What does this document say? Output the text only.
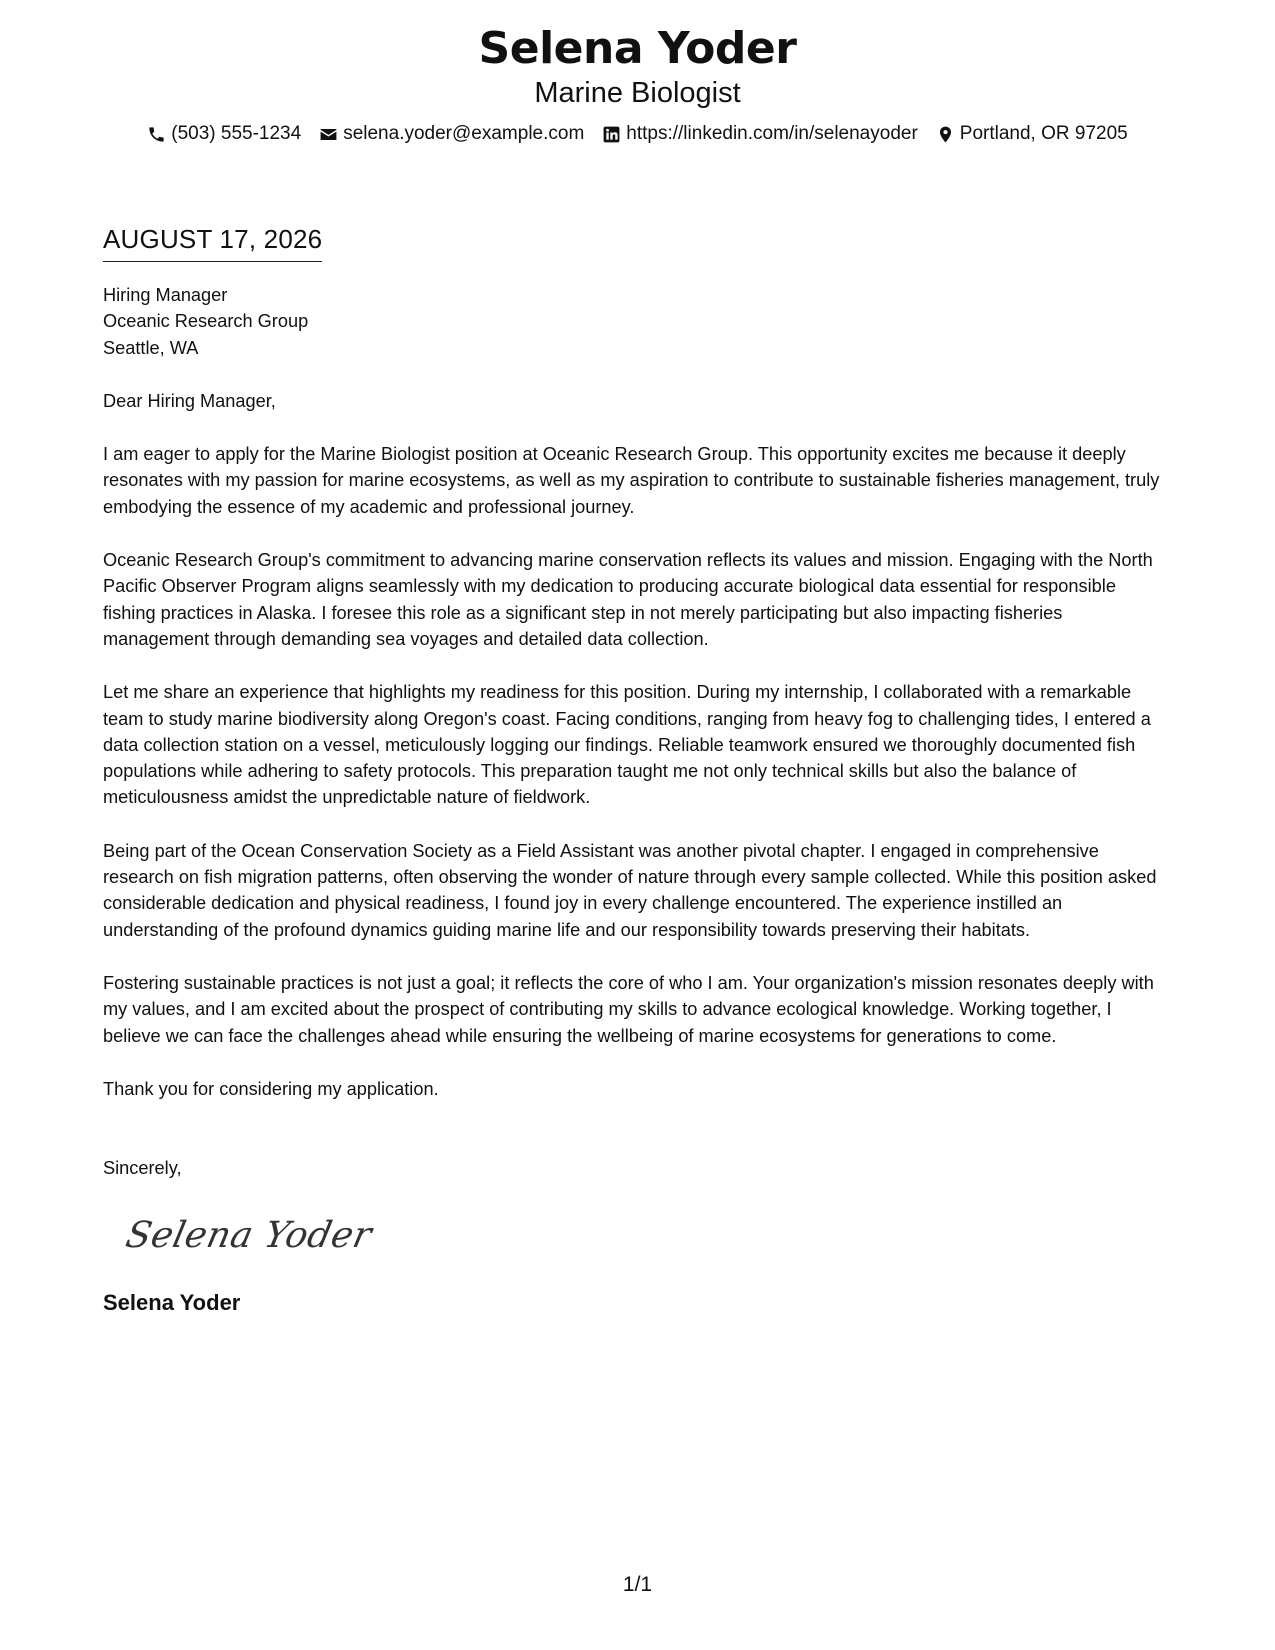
Selena Yoder
Marine Biologist
(503) 555-1234 selena.yoder@example.com https://linkedin.com/in/selenayoder Portland, OR 97205
AUGUST 17, 2026
Hiring Manager
Oceanic Research Group
Seattle, WA
Dear Hiring Manager,

I am eager to apply for the Marine Biologist position at Oceanic Research Group. This opportunity excites me because it deeply resonates with my passion for marine ecosystems, as well as my aspiration to contribute to sustainable fisheries management, truly embodying the essence of my academic and professional journey.

Oceanic Research Group's commitment to advancing marine conservation reflects its values and mission. Engaging with the North Pacific Observer Program aligns seamlessly with my dedication to producing accurate biological data essential for responsible fishing practices in Alaska. I foresee this role as a significant step in not merely participating but also impacting fisheries management through demanding sea voyages and detailed data collection.

Let me share an experience that highlights my readiness for this position. During my internship, I collaborated with a remarkable team to study marine biodiversity along Oregon's coast. Facing conditions, ranging from heavy fog to challenging tides, I entered a data collection station on a vessel, meticulously logging our findings. Reliable teamwork ensured we thoroughly documented fish populations while adhering to safety protocols. This preparation taught me not only technical skills but also the balance of meticulousness amidst the unpredictable nature of fieldwork.

Being part of the Ocean Conservation Society as a Field Assistant was another pivotal chapter. I engaged in comprehensive research on fish migration patterns, often observing the wonder of nature through every sample collected. While this position asked considerable dedication and physical readiness, I found joy in every challenge encountered. The experience instilled an understanding of the profound dynamics guiding marine life and our responsibility towards preserving their habitats.

Fostering sustainable practices is not just a goal; it reflects the core of who I am. Your organization's mission resonates deeply with my values, and I am excited about the prospect of contributing my skills to advance ecological knowledge. Working together, I believe we can face the challenges ahead while ensuring the wellbeing of marine ecosystems for generations to come.

Thank you for considering my application.

Sincerely,
Selena Yoder
Selena Yoder
1/1
